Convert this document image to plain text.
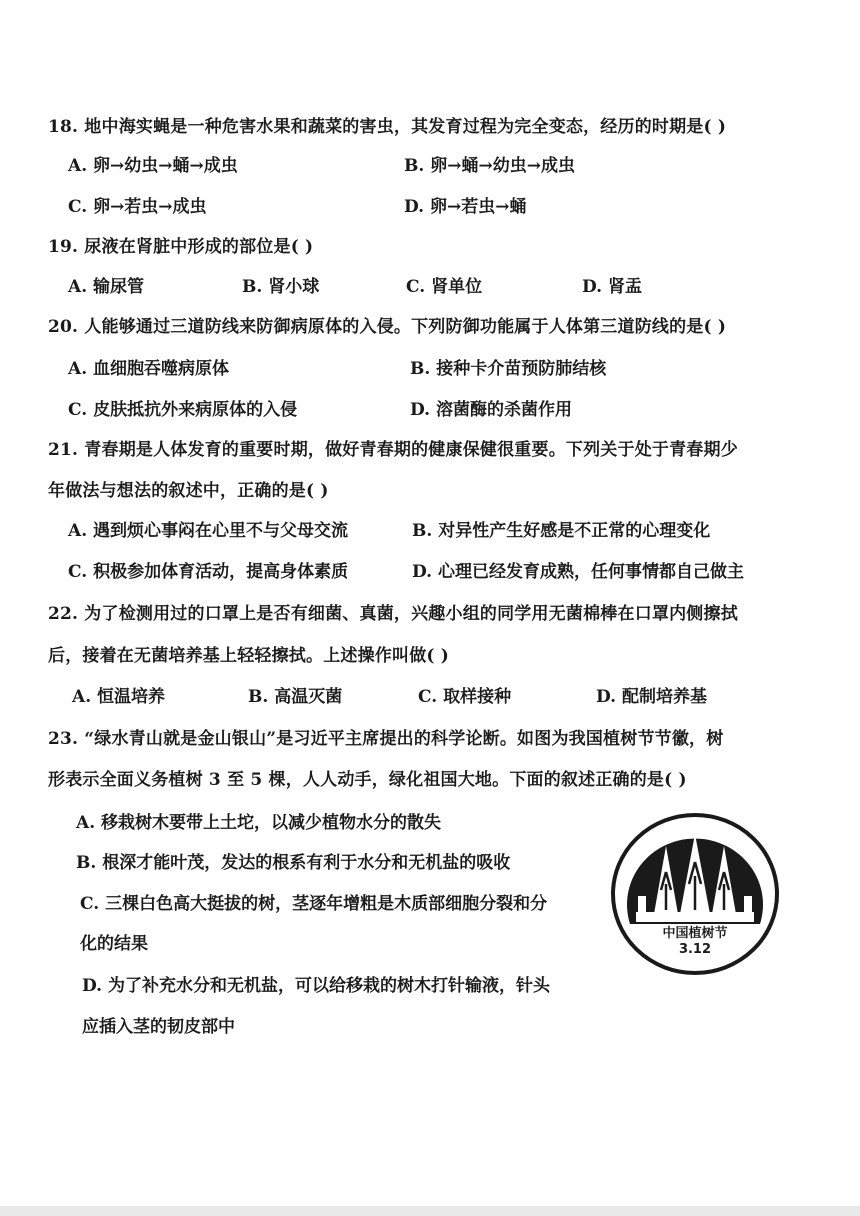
18. 地中海实蝇是一种危害水果和蔬菜的害虫，其发育过程为完全变态，经历的时期是( )
A. 卵→幼虫→蛹→成虫	B. 卵→蛹→幼虫→成虫
C. 卵→若虫→成虫	D. 卵→若虫→蛹
19. 尿液在肾脏中形成的部位是( )
A. 输尿管	B. 肾小球	C. 肾单位	D. 肾盂
20. 人能够通过三道防线来防御病原体的入侵。下列防御功能属于人体第三道防线的是( )
A. 血细胞吞噬病原体	B. 接种卡介苗预防肺结核
C. 皮肤抵抗外来病原体的入侵	D. 溶菌酶的杀菌作用
21. 青春期是人体发育的重要时期，做好青春期的健康保健很重要。下列关于处于青春期少
年做法与想法的叙述中，正确的是( )
A. 遇到烦心事闷在心里不与父母交流	B. 对异性产生好感是不正常的心理变化
C. 积极参加体育活动，提高身体素质	D. 心理已经发育成熟，任何事情都自己做主
22. 为了检测用过的口罩上是否有细菌、真菌，兴趣小组的同学用无菌棉棒在口罩内侧擦拭
后，接着在无菌培养基上轻轻擦拭。上述操作叫做( )
A. 恒温培养	B. 高温灭菌	C. 取样接种	D. 配制培养基
23. “绿水青山就是金山银山”是习近平主席提出的科学论断。如图为我国植树节节徽，树
形表示全面义务植树 3 至 5 棵，人人动手，绿化祖国大地。下面的叙述正确的是( )
A. 移栽树木要带上土坨，以减少植物水分的散失
B. 根深才能叶茂，发达的根系有利于水分和无机盐的吸收
C. 三棵白色高大挺拔的树，茎逐年增粗是木质部细胞分裂和分
化的结果
D. 为了补充水分和无机盐，可以给移栽的树木打针输液，针头
应插入茎的韧皮部中
中国植树节
3.12
